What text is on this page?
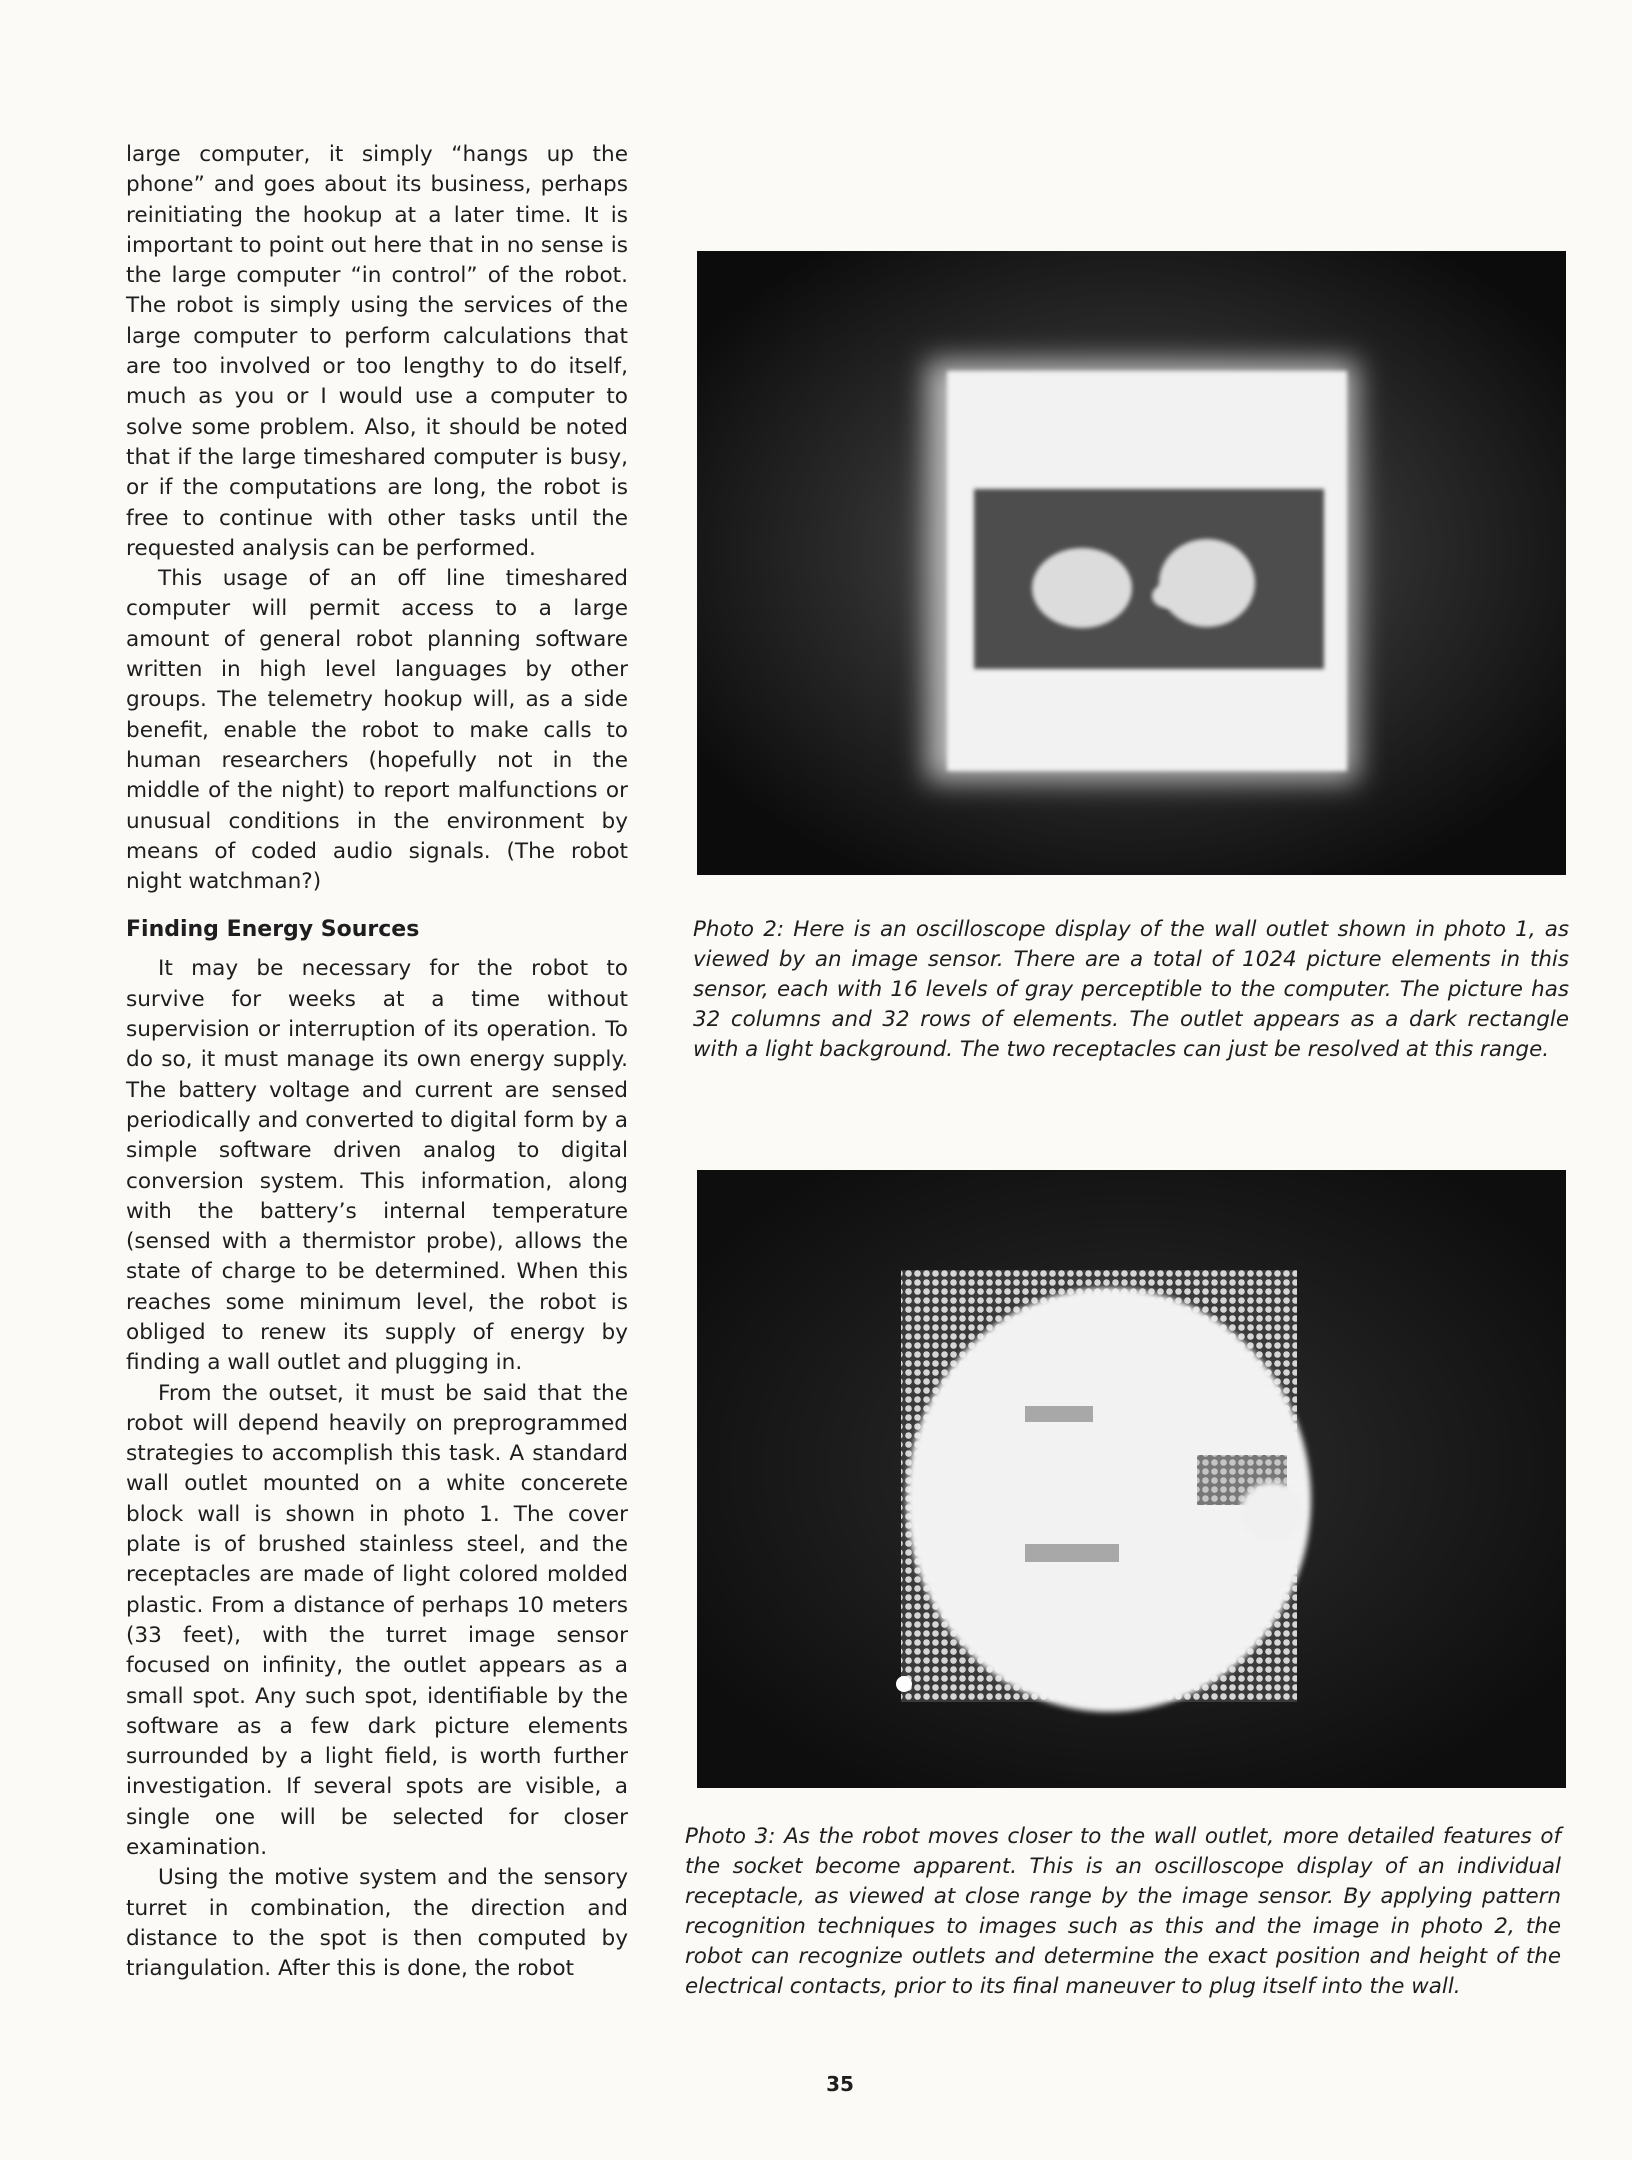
large computer, it simply “hangs up the phone” and goes about its business, perhaps reinitiating the hookup at a later time. It is important to point out here that in no sense is the large computer “in control” of the robot. The robot is simply using the services of the large computer to perform calculations that are too involved or too lengthy to do itself, much as you or I would use a computer to solve some problem. Also, it should be noted that if the large timeshared computer is busy, or if the computations are long, the robot is free to continue with other tasks until the requested analysis can be performed.

This usage of an off line timeshared computer will permit access to a large amount of general robot planning software written in high level languages by other groups. The telemetry hookup will, as a side benefit, enable the robot to make calls to human researchers (hopefully not in the middle of the night) to report malfunctions or unusual conditions in the environment by means of coded audio signals. (The robot night watchman?)

Finding Energy Sources

It may be necessary for the robot to survive for weeks at a time without supervision or interruption of its operation. To do so, it must manage its own energy supply. The battery voltage and current are sensed periodically and converted to digital form by a simple software driven analog to digital conversion system. This information, along with the battery’s internal temperature (sensed with a thermistor probe), allows the state of charge to be determined. When this reaches some minimum level, the robot is obliged to renew its supply of energy by finding a wall outlet and plugging in.

From the outset, it must be said that the robot will depend heavily on preprogrammed strategies to accomplish this task. A standard wall outlet mounted on a white concerete block wall is shown in photo 1. The cover plate is of brushed stainless steel, and the receptacles are made of light colored molded plastic. From a distance of perhaps 10 meters (33 feet), with the turret image sensor focused on infinity, the outlet appears as a small spot. Any such spot, identifiable by the software as a few dark picture elements surrounded by a light field, is worth further investigation. If several spots are visible, a single one will be selected for closer examination.

Using the motive system and the sensory turret in combination, the direction and distance to the spot is then computed by triangulation. After this is done, the robot

Photo 2: Here is an oscilloscope display of the wall outlet shown in photo 1, as viewed by an image sensor. There are a total of 1024 picture elements in this sensor, each with 16 levels of gray perceptible to the computer. The picture has 32 columns and 32 rows of elements. The outlet appears as a dark rectangle with a light background. The two receptacles can just be resolved at this range.

Photo 3: As the robot moves closer to the wall outlet, more detailed features of the socket become apparent. This is an oscilloscope display of an individual receptacle, as viewed at close range by the image sensor. By applying pattern recognition techniques to images such as this and the image in photo 2, the robot can recognize outlets and determine the exact position and height of the electrical contacts, prior to its final maneuver to plug itself into the wall.

35
